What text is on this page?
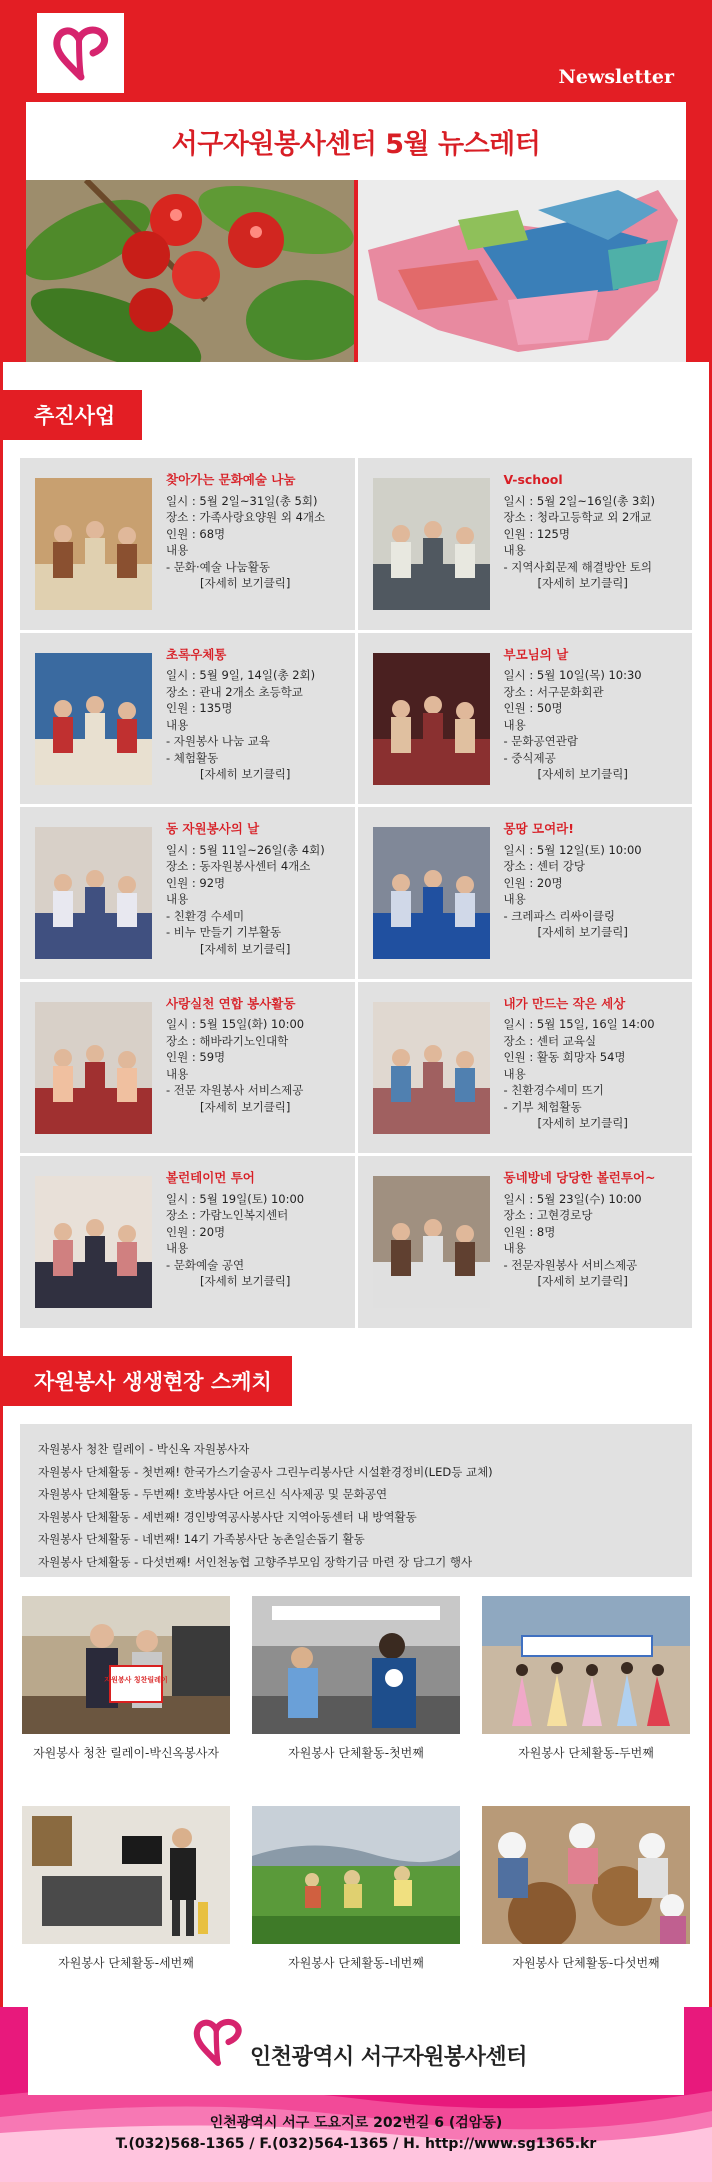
Newsletter
서구자원봉사센터 5월 뉴스레터
추진사업
찾아가는 문화예술 나눔
일시 : 5월 2일~31일(총 5회)
장소 : 가족사랑요양원 외 4개소
인원 : 68명
내용
- 문화·예술 나눔활동
[자세히 보기클릭]
V-school
일시 : 5월 2일~16일(총 3회)
장소 : 청라고등학교 외 2개교
인원 : 125명
내용
- 지역사회문제 해결방안 토의
[자세히 보기클릭]
초록우체통
일시 : 5월 9일, 14일(총 2회)
장소 : 관내 2개소 초등학교
인원 : 135명
내용
- 자원봉사 나눔 교육
- 체험활동
[자세히 보기클릭]
부모님의 날
일시 : 5월 10일(목) 10:30
장소 : 서구문화회관
인원 : 50명
내용
- 문화공연관람
- 중식제공
[자세히 보기클릭]
동 자원봉사의 날
일시 : 5월 11일~26일(총 4회)
장소 : 동자원봉사센터 4개소
인원 : 92명
내용
- 친환경 수세미
- 비누 만들기 기부활동
[자세히 보기클릭]
몽땅 모여라!
일시 : 5월 12일(토) 10:00
장소 : 센터 강당
인원 : 20명
내용
- 크레파스 리싸이클링
[자세히 보기클릭]
사랑실천 연합 봉사활동
일시 : 5월 15일(화) 10:00
장소 : 해바라기노인대학
인원 : 59명
내용
- 전문 자원봉사 서비스제공
[자세히 보기클릭]
내가 만드는 작은 세상
일시 : 5월 15일, 16일 14:00
장소 : 센터 교육실
인원 : 활동 희망자 54명
내용
- 친환경수세미 뜨기
- 기부 체험활동
[자세히 보기클릭]
볼런테이먼 투어
일시 : 5월 19일(토) 10:00
장소 : 가람노인복지센터
인원 : 20명
내용
- 문화예술 공연
[자세히 보기클릭]
동네방네 당당한 볼런투어~
일시 : 5월 23일(수) 10:00
장소 : 고현경로당
인원 : 8명
내용
- 전문자원봉사 서비스제공
[자세히 보기클릭]
자원봉사 생생현장 스케치
자원봉사 청찬 릴레이 - 박신옥 자원봉사자
자원봉사 단체활동 - 첫번째! 한국가스기술공사 그린누리봉사단 시설환경정비(LED등 교체)
자원봉사 단체활동 - 두번째! 호박봉사단 어르신 식사제공 및 문화공연
자원봉사 단체활동 - 세번째! 경인방역공사봉사단 지역아동센터 내 방역활동
자원봉사 단체활동 - 네번째! 14기 가족봉사단 농촌일손돕기 활동
자원봉사 단체활동 - 다섯번째! 서인천농협 고향주부모임 장학기금 마련 장 담그기 행사
자원봉사 칭찬릴레이
자원봉사 청찬 릴레이-박신옥봉사자	자원봉사 단체활동-첫번째	자원봉사 단체활동-두번째
자원봉사 단체활동-세번째	자원봉사 단체활동-네번째	자원봉사 단체활동-다섯번째
인천광역시 서구자원봉사센터
인천광역시 서구 도요지로 202번길 6 (검암동)
T.(032)568-1365 / F.(032)564-1365 / H. http://www.sg1365.kr
